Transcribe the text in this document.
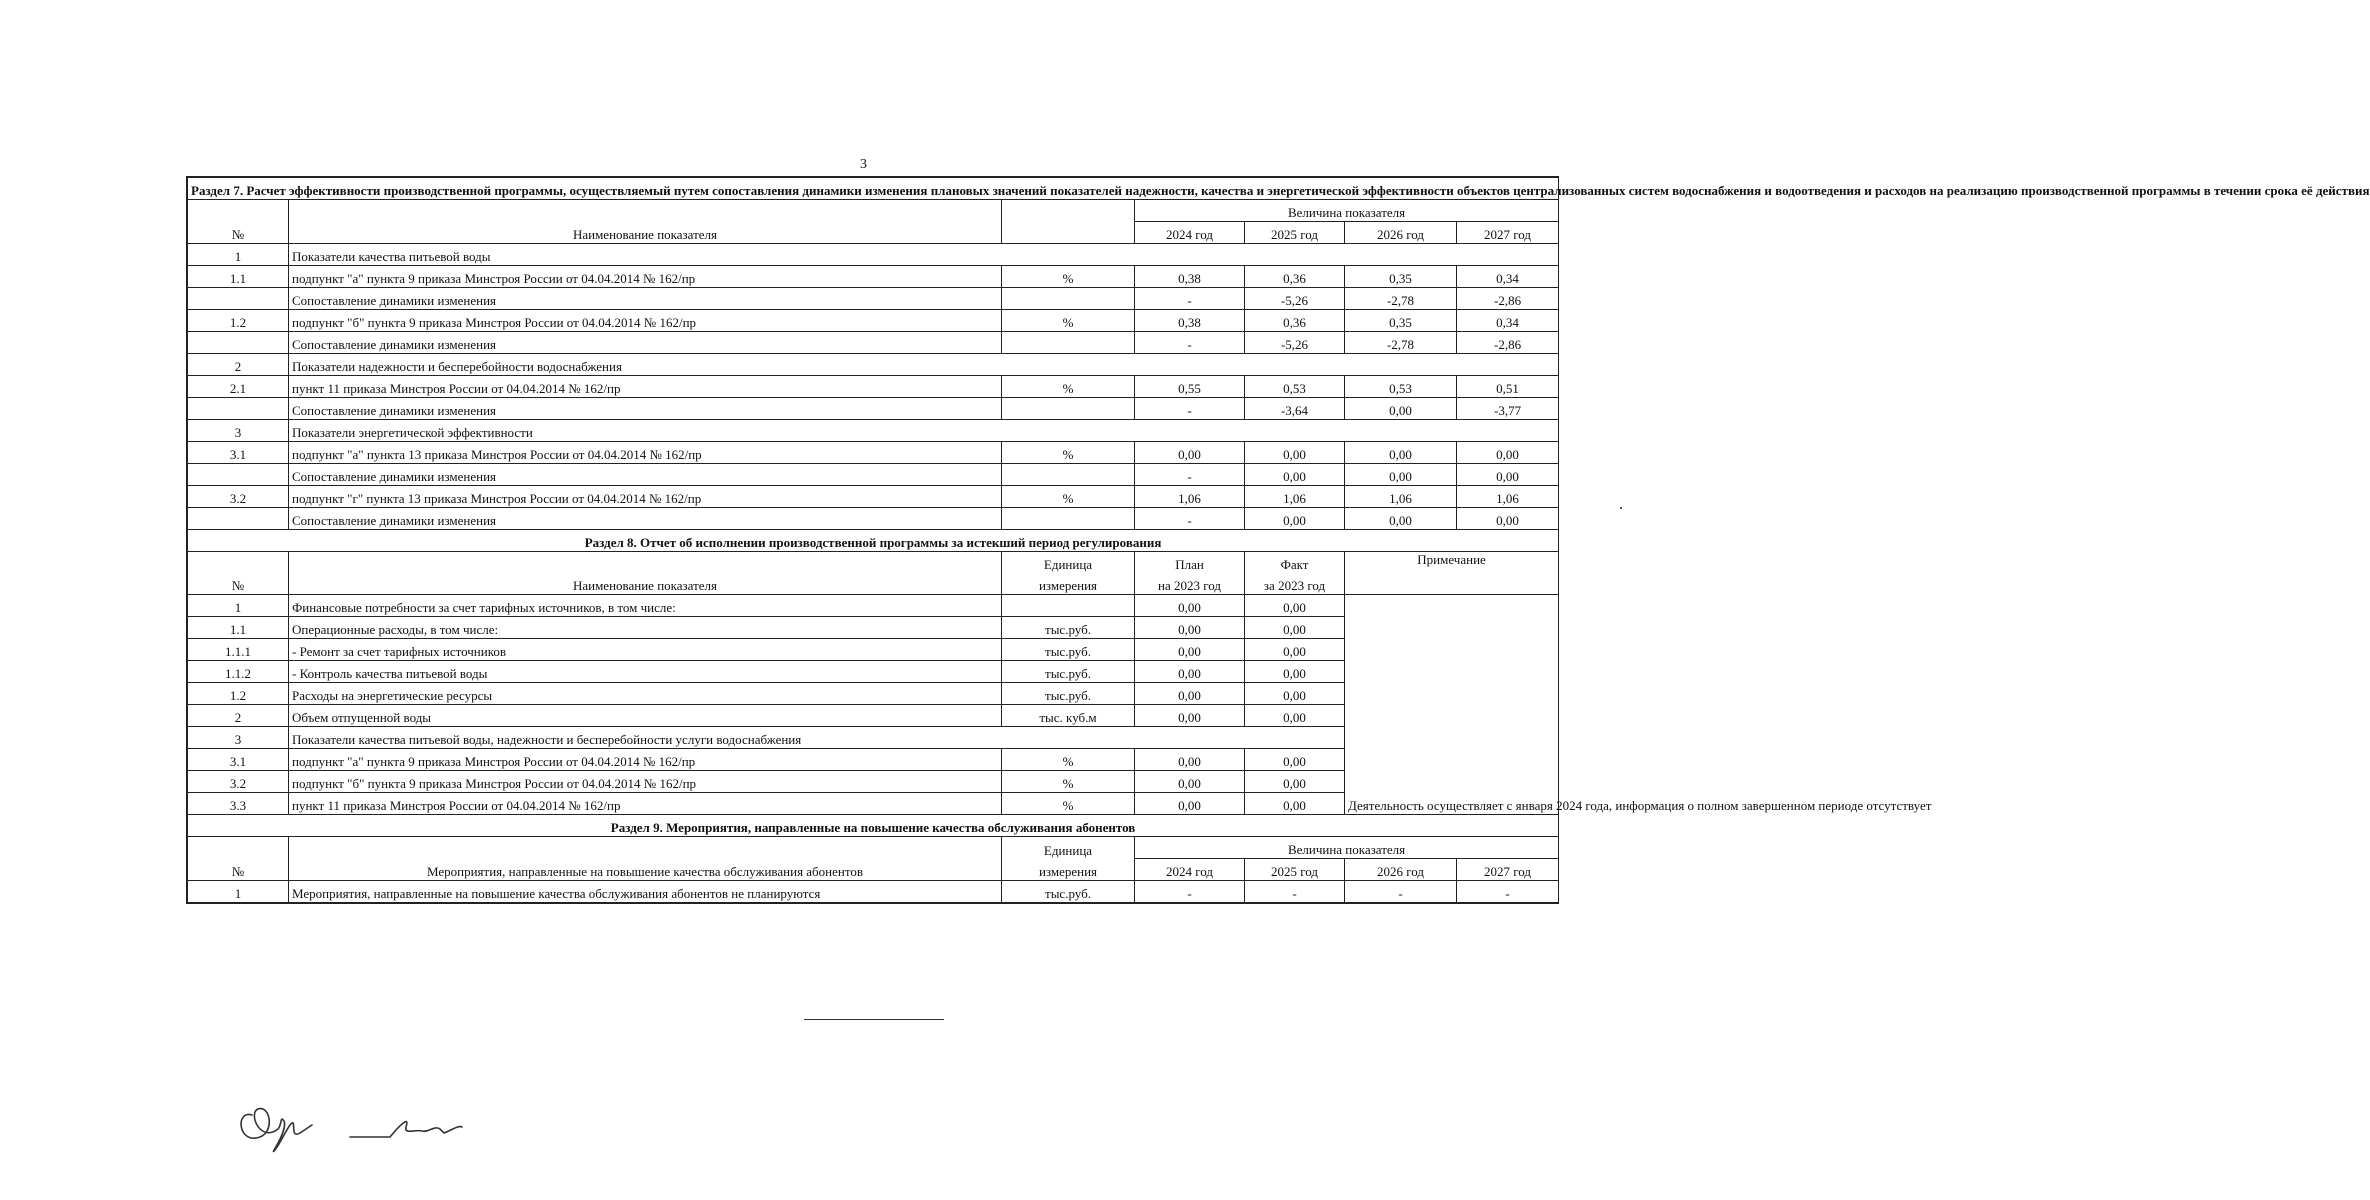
3
Раздел 7. Расчет эффективности производственной программы, осуществляемый путем сопоставления динамики изменения плановых значений показателей надежности, качества и энергетической эффективности объектов централизованных систем водоснабжения и водоотведения и расходов на реализацию производственной программы в течении срока её действия						
№	Наименование показателя		Величина показателя			
			2024 год	2025 год	2026 год	2027 год
1	Показатели качества питьевой воды					
1.1	подпункт "а" пункта 9 приказа Минстроя России от 04.04.2014 № 162/пр	%	0,38	0,36	0,35	0,34
	Сопоставление динамики изменения		-	-5,26	-2,78	-2,86
1.2	подпункт "б" пункта 9 приказа Минстроя России от 04.04.2014 № 162/пр	%	0,38	0,36	0,35	0,34
	Сопоставление динамики изменения		-	-5,26	-2,78	-2,86
2	Показатели надежности и бесперебойности водоснабжения					
2.1	пункт 11 приказа Минстроя России от 04.04.2014 № 162/пр	%	0,55	0,53	0,53	0,51
	Сопоставление динамики изменения		-	-3,64	0,00	-3,77
3	Показатели энергетической эффективности					
3.1	подпункт "а" пункта 13 приказа Минстроя России от 04.04.2014 № 162/пр	%	0,00	0,00	0,00	0,00
	Сопоставление динамики изменения		-	0,00	0,00	0,00
3.2	подпункт "г" пункта 13 приказа Минстроя России от 04.04.2014 № 162/пр	%	1,06	1,06	1,06	1,06
	Сопоставление динамики изменения		-	0,00	0,00	0,00
Раздел 8. Отчет об исполнении производственной программы за истекший период регулирования						
№	Наименование показателя	Единица	План	Факт	Примечание	
		измерения	на 2023 год	за 2023 год		
1	Финансовые потребности за счет тарифных источников, в том числе:		0,00	0,00	Деятельность осуществляет с января 2024 года, информация о полном завершенном периоде отсутствует	
1.1	Операционные расходы, в том числе:	тыс.руб.	0,00	0,00		
1.1.1	- Ремонт за счет тарифных источников	тыс.руб.	0,00	0,00		
1.1.2	- Контроль качества питьевой воды	тыс.руб.	0,00	0,00		
1.2	Расходы на энергетические ресурсы	тыс.руб.	0,00	0,00		
2	Объем отпущенной воды	тыс. куб.м	0,00	0,00		
3	Показатели качества питьевой воды, надежности и бесперебойности услуги водоснабжения					
3.1	подпункт "а" пункта 9 приказа Минстроя России от 04.04.2014 № 162/пр	%	0,00	0,00		
3.2	подпункт "б" пункта 9 приказа Минстроя России от 04.04.2014 № 162/пр	%	0,00	0,00		
3.3	пункт 11 приказа Минстроя России от 04.04.2014 № 162/пр	%	0,00	0,00		
Раздел 9. Мероприятия, направленные на повышение качества обслуживания абонентов						
№	Мероприятия, направленные на повышение качества обслуживания абонентов	Единица	Величина показателя			
		измерения	2024 год	2025 год	2026 год	2027 год
1	Мероприятия, направленные на повышение качества обслуживания абонентов не планируются	тыс.руб.	-	-	-	-
